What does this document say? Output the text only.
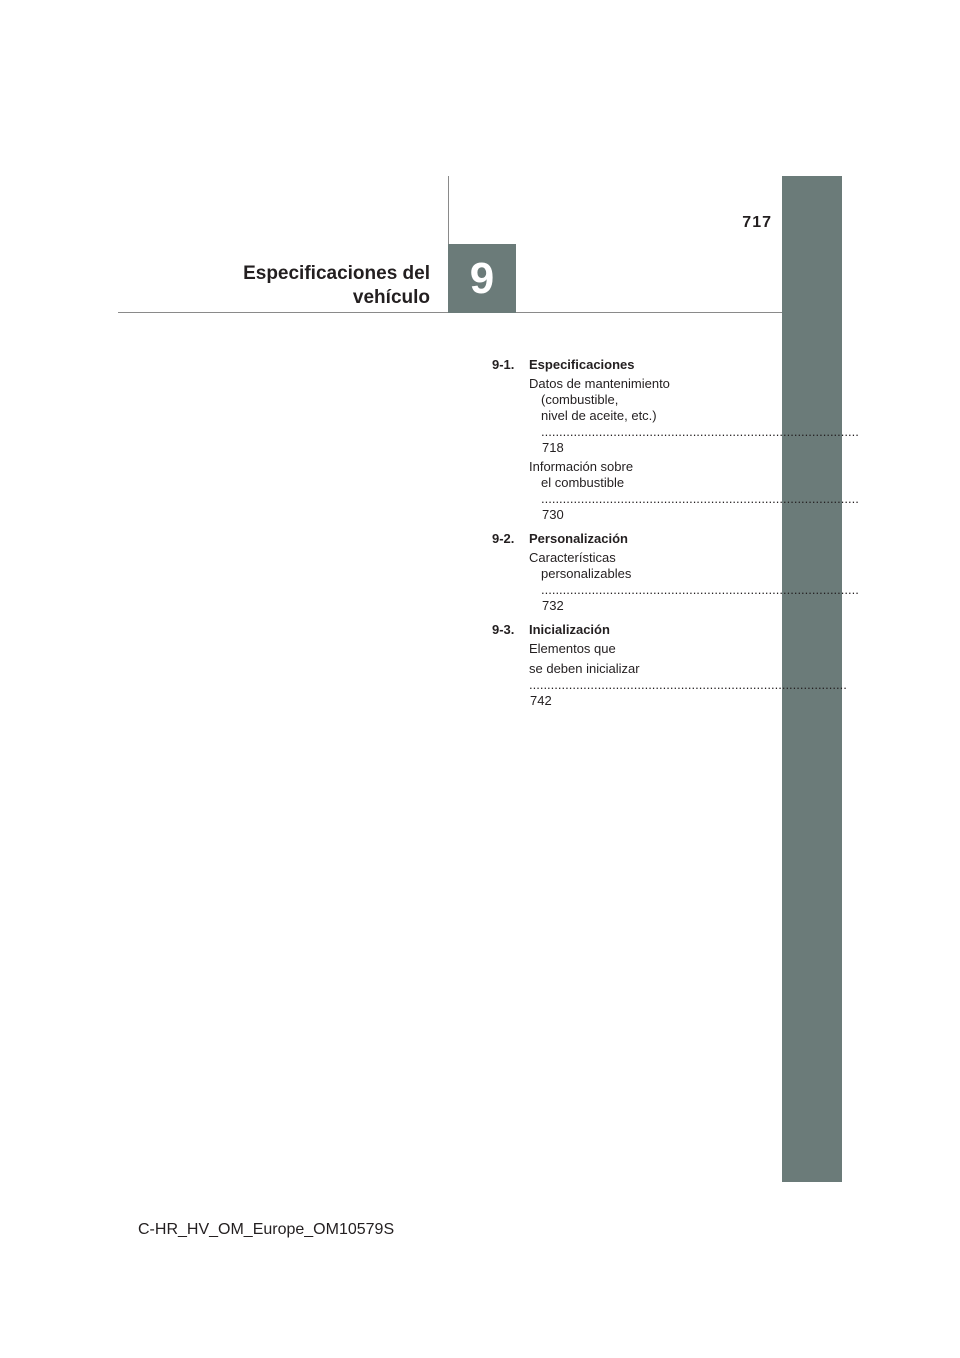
717
9
Especificaciones del
vehículo
9-1.	Especificaciones
Datos de mantenimiento
(combustible,
nivel de aceite, etc.) ..... 718
Información sobre
el combustible ..... 730
9-2.	Personalización
Características
personalizables ..... 732
9-3.	Inicialización
Elementos que
se deben inicializar ..... 742
C-HR_HV_OM_Europe_OM10579S
